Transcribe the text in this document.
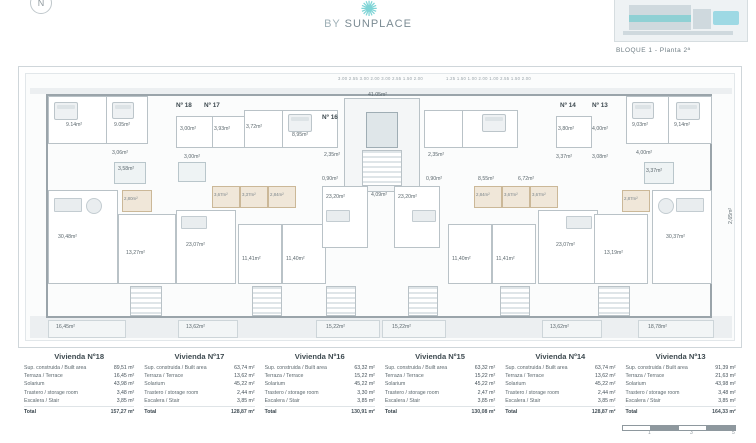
N	✺
BY SUNPLACE
BLOQUE 1 - Planta 2ª
3.00 2.55 3.00 2.00 3.00 2.55 1.50 2.00	1.25 1.50 1.00 2.00 1.00 2.55 1.50 2.00
41.05m²
4,09m²
9.14m²	9.05m²
3,06m²
3,58m²
2,80m²
30,48m²
13,27m²
16,45m²
Nº 18 Nº 17
3,00m²	3,93m²	3,72m²
8,95m²
3,00m²
3,67m²	3,37m²	2,84m²
23,07m²
11,41m²	11,40m²
13,62m²
Nº 16
2,35m²
0,90m²
23,20m²
15,22m²
2,35m²
0,90m²
23,20m²
15,22m²
8,55m²	6,72m²
2,84m²	3,67m²	3,67m²
11,40m²	11,41m²
23,07m²
Nº 14	Nº 13
3,80m²	4,00m²
3,08m²
3,37m²
13,62m²
9,03m²	9,14m²
4,00m²
3,37m²
2,87m²
30,37m²
13,19m²
18,78m²
2,65m²
Vivienda Nº18
Sup. construida / Built area	89,51 m²
Terraza / Terrace	16,45 m²
Solarium	43,98 m²
Trastero / storage room	3,48 m²
Escalera / Stair	3,85 m²
Total	157,27 m²
Vivienda Nº17
Sup. construida / Built area	63,74 m²
Terraza / Terrace	13,62 m²
Solarium	45,22 m²
Trastero / storage room	2,44 m²
Escalera / Stair	3,85 m²
Total	128,87 m²
Vivienda Nº16
Sup. construida / Built area	63,32 m²
Terraza / Terrace	15,22 m²
Solarium	45,22 m²
Trastero / storage room	3,30 m²
Escalera / Stair	3,85 m²
Total	130,91 m²
Vivienda Nº15
Sup. construida / Built area	63,32 m²
Terraza / Terrace	15,22 m²
Solarium	45,22 m²
Trastero / storage room	2,47 m²
Escalera / Stair	3,85 m²
Total	130,08 m²
Vivienda Nº14
Sup. construida / Built area	63,74 m²
Terraza / Terrace	13,62 m²
Solarium	45,22 m²
Trastero / storage room	2,44 m²
Escalera / Stair	3,85 m²
Total	128,87 m²
Vivienda Nº13
Sup. construida / Built area	91,39 m²
Terraza / Terrace	21,63 m²
Solarium	43,98 m²
Trastero / storage room	3,48 m²
Escalera / Stair	3,85 m²
Total	164,33 m²
1	3	5
